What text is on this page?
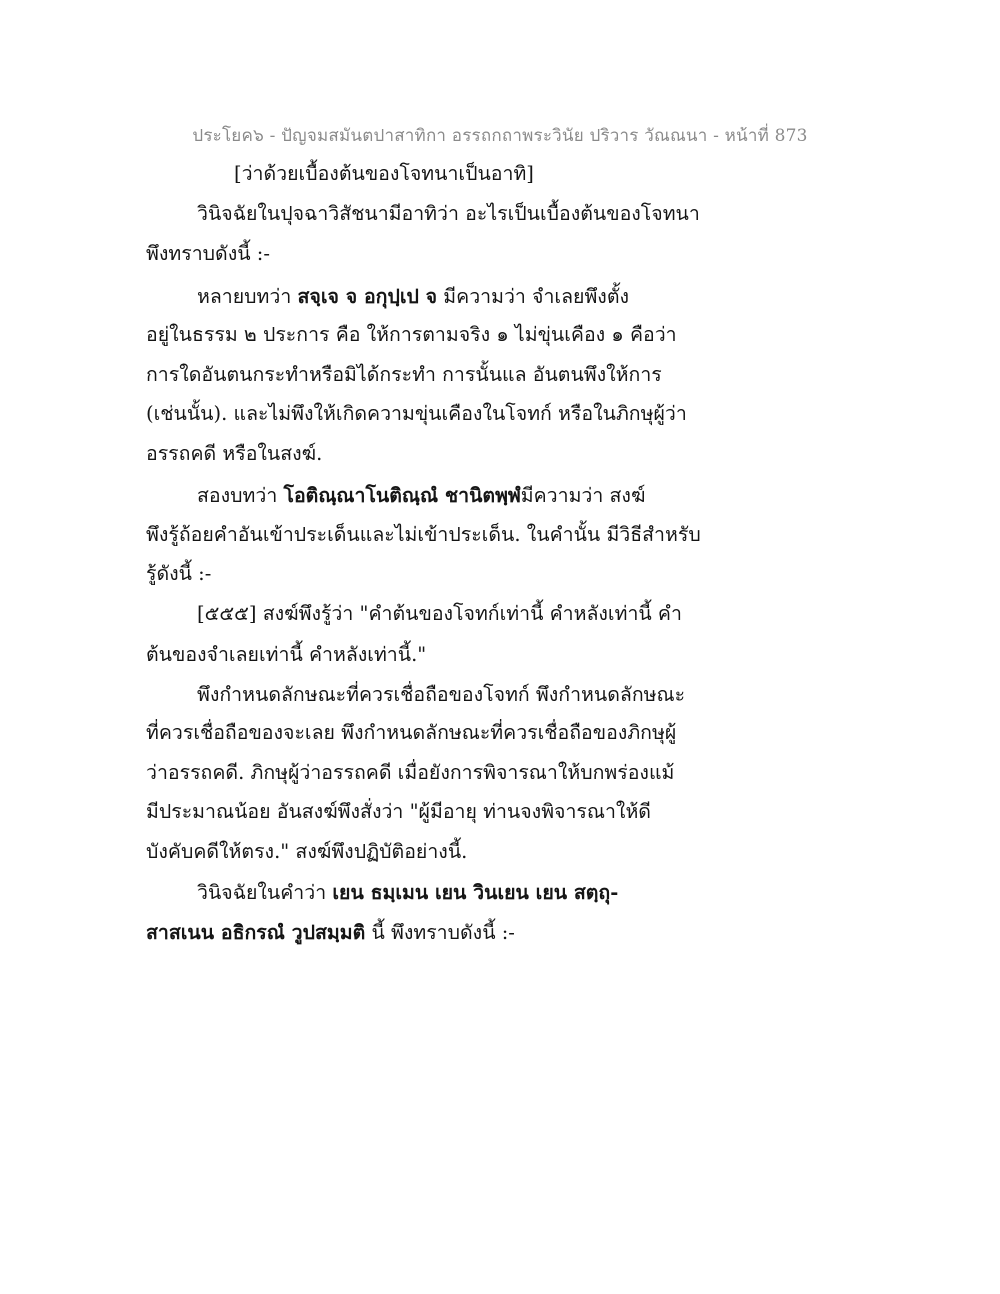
ประโยค๖ - ปัญจมสมันตปาสาทิกา อรรถกถาพระวินัย ปริวาร วัณณนา - หน้าที่ 873
[ว่าด้วยเบื้องต้นของโจทนาเป็นอาทิ]
วินิจฉัยในปุจฉาวิสัชนามีอาทิว่า อะไรเป็นเบื้องต้นของโจทนา
พึงทราบดังนี้ :-
หลายบทว่า สจฺเจ จ อกุปฺเป จ มีความว่า จำเลยพึงตั้ง
อยู่ในธรรม ๒ ประการ คือ ให้การตามจริง ๑ ไม่ขุ่นเคือง ๑ คือว่า
การใดอันตนกระทำหรือมิได้กระทำ การนั้นแล อันตนพึงให้การ
(เช่นนั้น). และไม่พึงให้เกิดความขุ่นเคืองในโจทก์ หรือในภิกษุผู้ว่า
อรรถคดี หรือในสงฆ์.
สองบทว่า โอติณฺณาโนติณฺณํ ชานิตพฺพํมีความว่า สงฆ์
พึงรู้ถ้อยคำอันเข้าประเด็นและไม่เข้าประเด็น. ในคำนั้น มีวิธีสำหรับ
รู้ดังนี้ :-
[๕๕๕] สงฆ์พึงรู้ว่า "คำต้นของโจทก์เท่านี้ คำหลังเท่านี้ คำ
ต้นของจำเลยเท่านี้ คำหลังเท่านี้."
พึงกำหนดลักษณะที่ควรเชื่อถือของโจทก์ พึงกำหนดลักษณะ
ที่ควรเชื่อถือของจะเลย พึงกำหนดลักษณะที่ควรเชื่อถือของภิกษุผู้
ว่าอรรถคดี. ภิกษุผู้ว่าอรรถคดี เมื่อยังการพิจารณาให้บกพร่องแม้
มีประมาณน้อย อันสงฆ์พึงสั่งว่า "ผู้มีอายุ ท่านจงพิจารณาให้ดี
บังคับคดีให้ตรง." สงฆ์พึงปฏิบัติอย่างนี้.
วินิจฉัยในคำว่า เยน ธมฺเมน เยน วินเยน เยน สตฺถุ-
สาสเนน อธิกรณํ วูปสมฺมติ นี้ พึงทราบดังนี้ :-
